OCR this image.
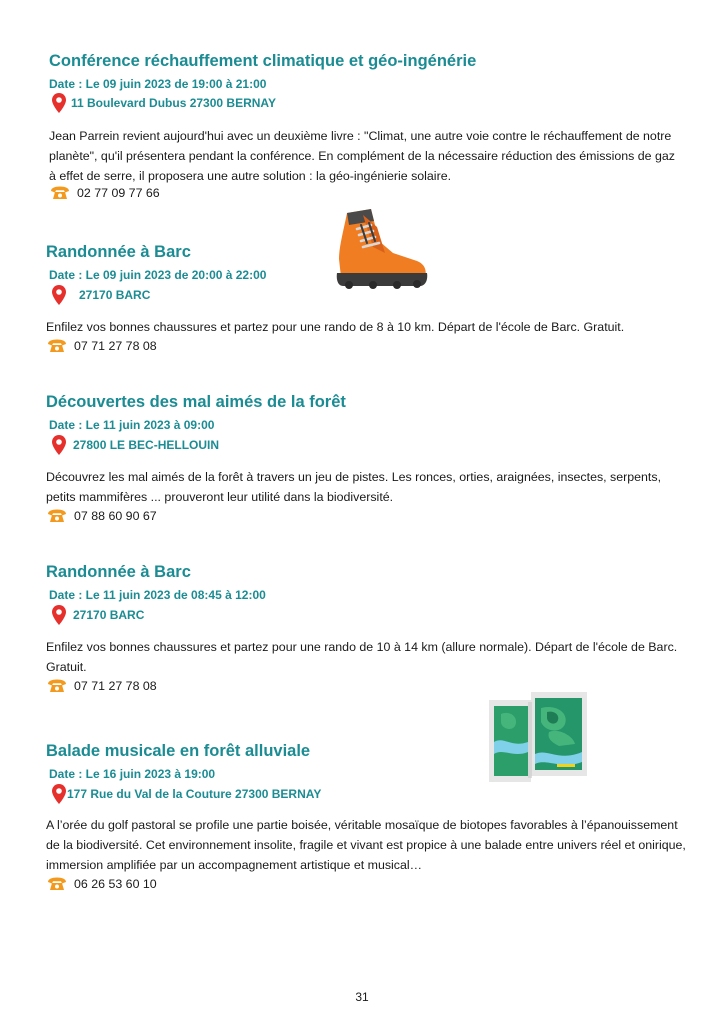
Conférence réchauffement climatique et géo-ingénérie

Date : Le 09 juin 2023 de 19:00 à 21:00

11 Boulevard Dubus 27300 BERNAY

Jean Parrein revient aujourd'hui avec un deuxième livre : "Climat, une autre voie contre le réchauffement de notre planète", qu'il présentera pendant la conférence. En complément de la nécessaire réduction des émissions de gaz à effet de serre, il proposera une autre solution : la géo-ingénierie solaire.

02 77 09 77 66
Randonnée à Barc

Date : Le 09 juin 2023 de 20:00 à 22:00

27170 BARC

Enfilez vos bonnes chaussures et partez pour une rando de 8 à 10 km. Départ de l'école de Barc. Gratuit.

07 71 27 78 08
Découvertes des mal aimés de la forêt

Date : Le 11 juin 2023 à 09:00

27800 LE BEC-HELLOUIN

Découvrez les mal aimés de la forêt à travers un jeu de pistes. Les ronces, orties, araignées, insectes, serpents, petits mammifères ... prouveront leur utilité dans la biodiversité.

07 88 60 90 67
Randonnée à Barc

Date : Le 11 juin 2023 de 08:45 à 12:00

27170 BARC

Enfilez vos bonnes chaussures et partez pour une rando de 10 à 14 km (allure normale). Départ de l'école de Barc. Gratuit.

07 71 27 78 08
Balade musicale en forêt alluviale

Date : Le 16 juin 2023 à 19:00

177 Rue du Val de la Couture 27300 BERNAY

A l’orée du golf pastoral se profile une partie boisée, véritable mosaïque de biotopes favorables à l’épanouissement de la biodiversité. Cet environnement insolite, fragile et vivant est propice à une balade entre univers réel et onirique, immersion amplifiée par un accompagnement artistique et musical…

06 26 53 60 10
31
